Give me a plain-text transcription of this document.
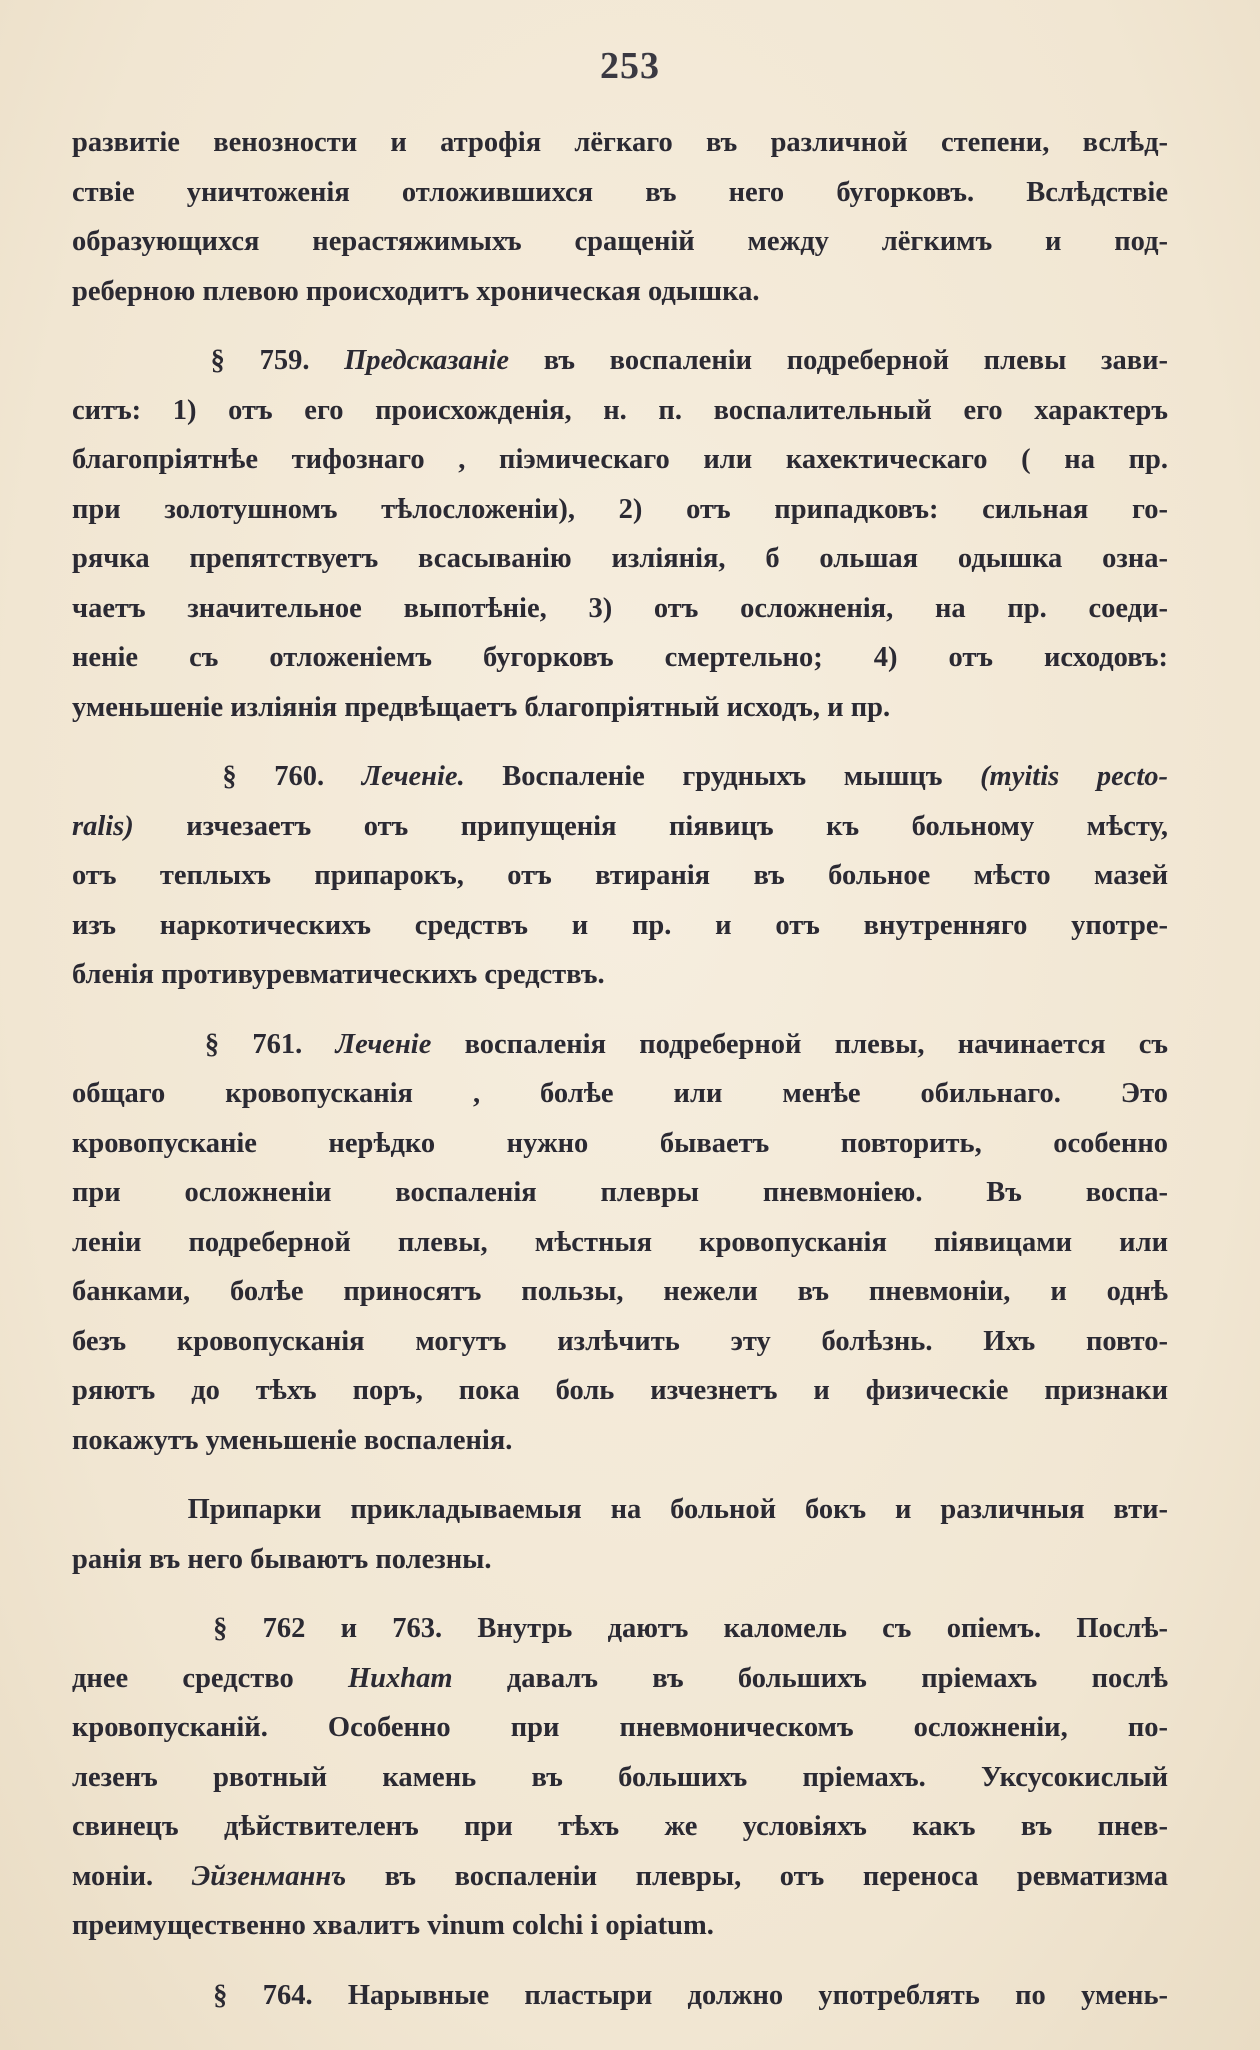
253
развитіе венозности и атрофія лёгкаго въ различной степени, вслѣд-
ствіе уничтоженія отложившихся въ него бугорковъ. Вслѣдствіе
образующихся нерастяжимыхъ сращеній между лёгкимъ и под-
реберною плевою происходитъ хроническая одышка.
§ 759. Предсказаніе въ воспаленіи подреберной плевы зави-
ситъ: 1) отъ его происхожденія, н. п. воспалительный его характеръ
благопріятнѣе тифознаго , піэмическаго или кахектическаго ( на пр.
при золотушномъ тѣлосложеніи), 2) отъ припадковъ: сильная го-
рячка препятствуетъ всасыванію изліянія, б ольшая одышка озна-
чаетъ значительное выпотѣніе, 3) отъ осложненія, на пр. соеди-
неніе съ отложеніемъ бугорковъ смертельно; 4) отъ исходовъ:
уменьшеніе изліянія предвѣщаетъ благопріятный исходъ, и пр.
§ 760. Леченіе. Воспаленіе грудныхъ мышцъ (myitis pecto-
ralis) изчезаетъ отъ припущенія піявицъ къ больному мѣсту,
отъ теплыхъ припарокъ, отъ втиранія въ больное мѣсто мазей
изъ наркотическихъ средствъ и пр. и отъ внутренняго употре-
бленія противуревматическихъ средствъ.
§ 761. Леченіе воспаленія подреберной плевы, начинается съ
общаго кровопусканія , болѣе или менѣе обильнаго. Это
кровопусканіе нерѣдко нужно бываетъ повторить, особенно
при осложненіи воспаленія плевры пневмоніею. Въ воспа-
леніи подреберной плевы, мѣстныя кровопусканія піявицами или
банками, болѣе приносятъ пользы, нежели въ пневмоніи, и однѣ
безъ кровопусканія могутъ излѣчить эту болѣзнь. Ихъ повто-
ряютъ до тѣхъ поръ, пока боль изчезнетъ и физическіе признаки
покажутъ уменьшеніе воспаленія.
Припарки прикладываемыя на больной бокъ и различныя вти-
ранія въ него бываютъ полезны.
§ 762 и 763. Внутрь даютъ каломель съ опіемъ. Послѣ-
днее средство Huxham давалъ въ большихъ пріемахъ послѣ
кровопусканій. Особенно при пневмоническомъ осложненіи, по-
лезенъ рвотный камень въ большихъ пріемахъ. Уксусокислый
свинецъ дѣйствителенъ при тѣхъ же условіяхъ какъ въ пнев-
моніи. Эйзенманнъ въ воспаленіи плевры, отъ переноса ревматизма
преимущественно хвалитъ vinum colchi i opiatum.
§ 764. Нарывные пластыри должно употреблять по умень-
